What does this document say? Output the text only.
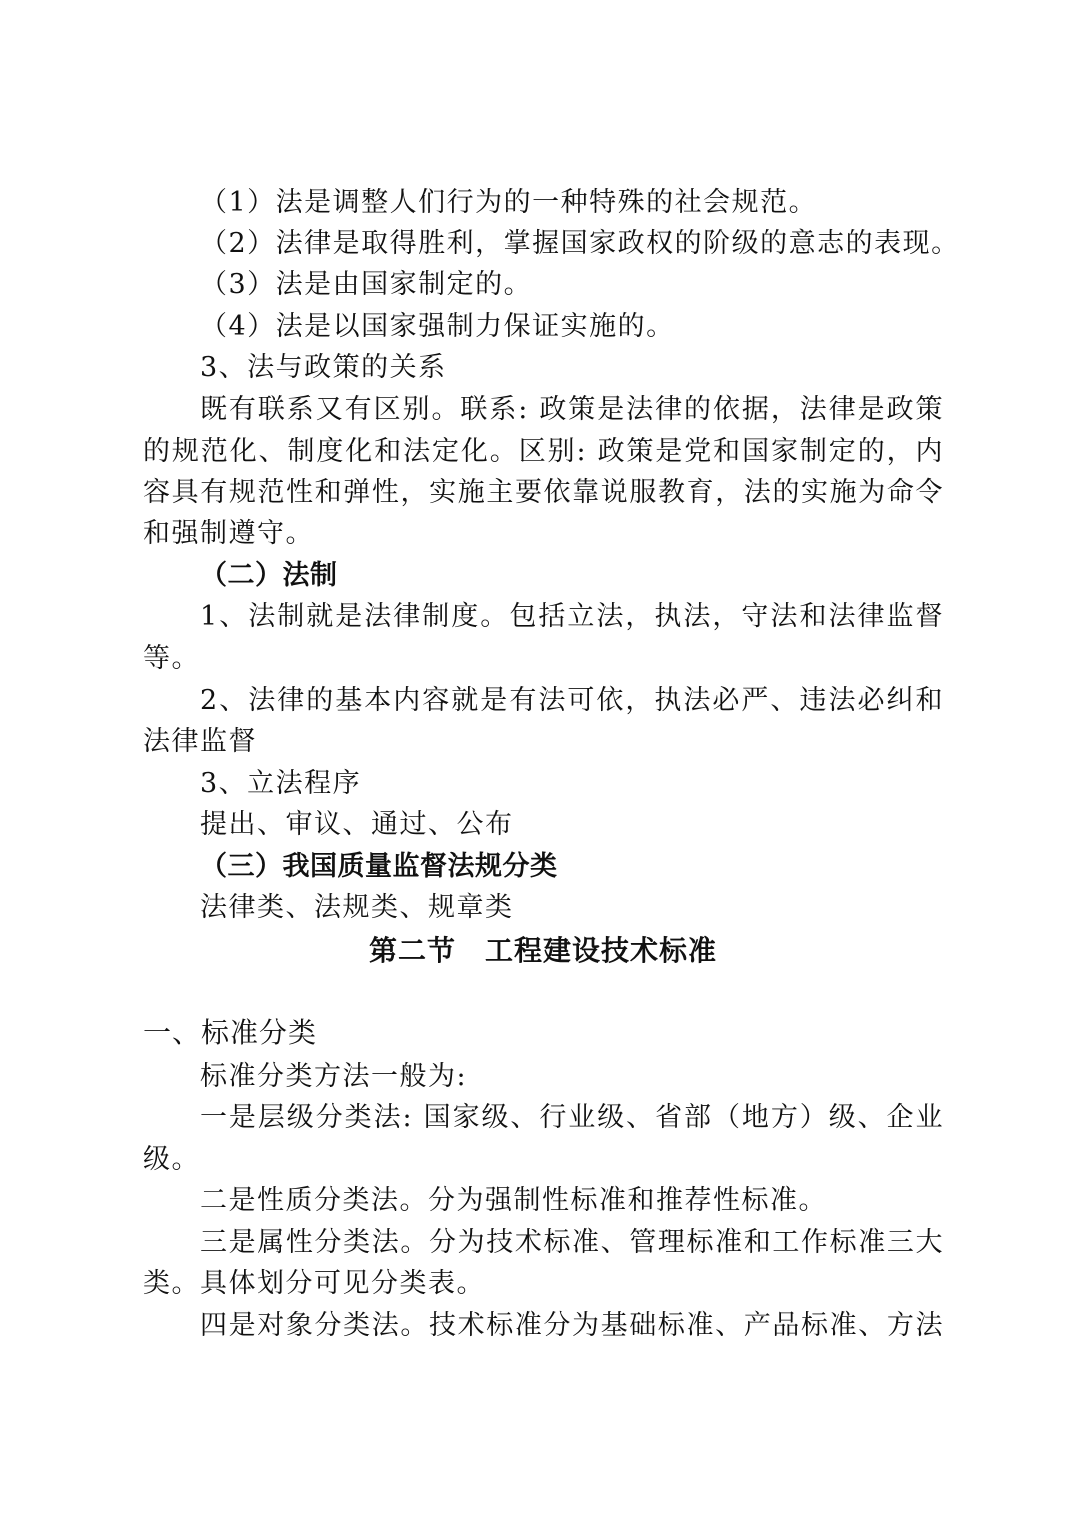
（1）法是调整人们行为的一种特殊的社会规范。
（2）法律是取得胜利，掌握国家政权的阶级的意志的表现。
（3）法是由国家制定的。
（4）法是以国家强制力保证实施的。
3、法与政策的关系
既有联系又有区别。联系: 政策是法律的依据，法律是政策
的规范化、制度化和法定化。区别: 政策是党和国家制定的，内
容具有规范性和弹性，实施主要依靠说服教育，法的实施为命令
和强制遵守。
（二）法制
1、法制就是法律制度。包括立法，执法，守法和法律监督
等。
2、法律的基本内容就是有法可依，执法必严、违法必纠和
法律监督
3、立法程序
提出、审议、通过、公布
（三）我国质量监督法规分类
法律类、法规类、规章类
第二节　工程建设技术标准
一、标准分类
标准分类方法一般为:
一是层级分类法: 国家级、行业级、省部（地方）级、企业
级。
二是性质分类法。分为强制性标准和推荐性标准。
三是属性分类法。分为技术标准、管理标准和工作标准三大
类。具体划分可见分类表。
四是对象分类法。技术标准分为基础标准、产品标准、方法
